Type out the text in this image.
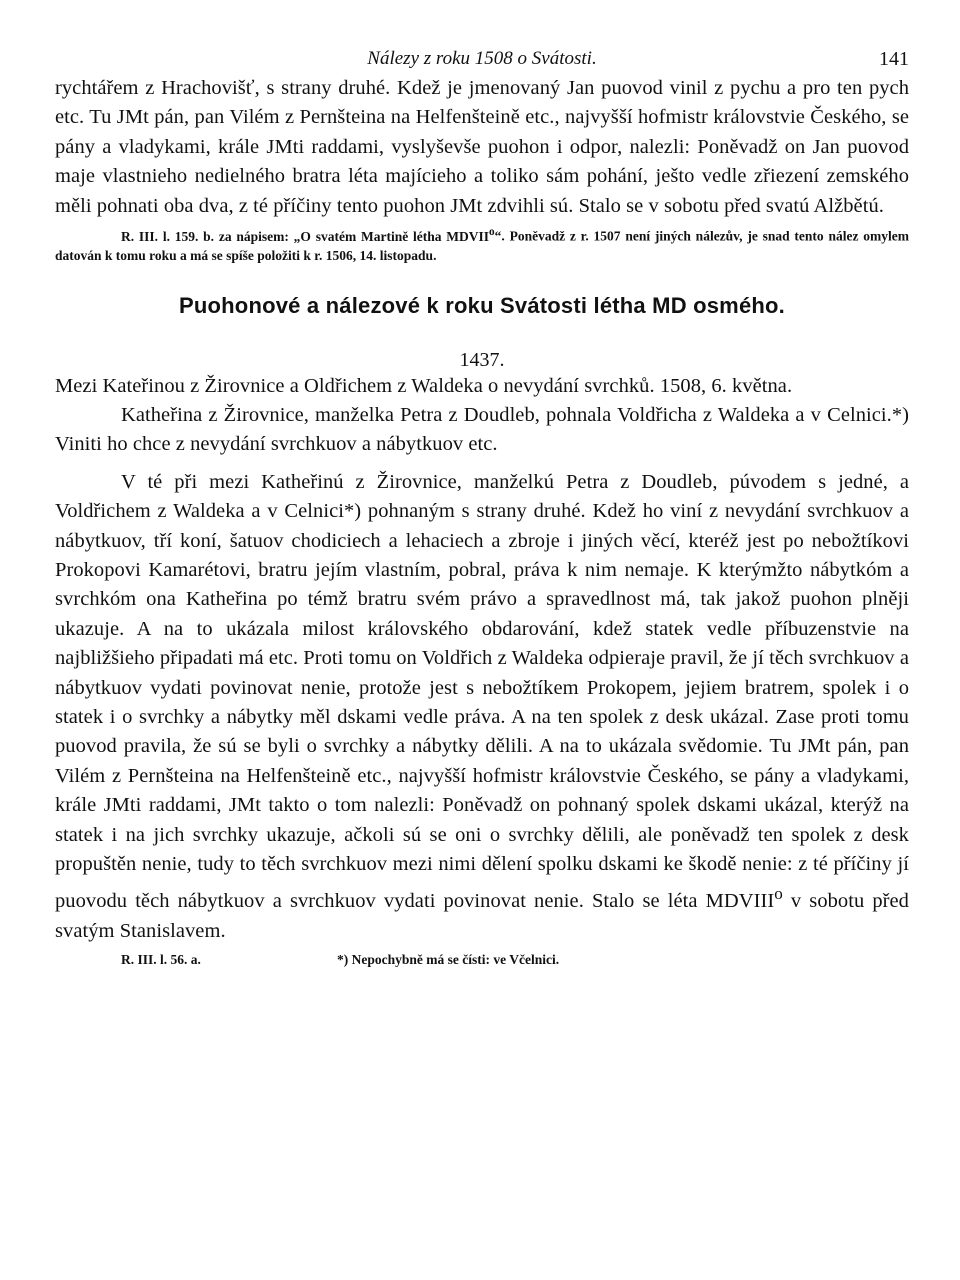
Nálezy z roku 1508 o Svátosti.	141

rychtářem z Hrachovišť, s strany druhé. Kdež je jmenovaný Jan puovod vinil z pychu a pro ten pych etc. Tu JMt pán, pan Vilém z Pernšteina na Helfenšteině etc., najvyšší hofmistr královstvie Českého, se pány a vladykami, krále JMti raddami, vyslyševše puohon i odpor, nalezli: Poněvadž on Jan puovod maje vlastnieho nedielného bratra léta majícieho a toliko sám pohání, ješto vedle zřiezení zemského měli pohnati oba dva, z té příčiny tento puohon JMt zdvihli sú. Stalo se v sobotu před svatú Alžbětú.

R. III. l. 159. b. za nápisem: „O svatém Martině létha MDVII$^o$“. Poněvadž z r. 1507 není jiných nálezův, je snad tento nález omylem datován k tomu roku a má se spíše položiti k r. 1506, 14. listopadu.

Puohonové a nálezové k roku Svátosti létha MD osmého.
1437.

Mezi Kateřinou z Žirovnice a Oldřichem z Waldeka o nevydání svrchků. 1508, 6. května.

Katheřina z Žirovnice, manželka Petra z Doudleb, pohnala Voldřicha z Waldeka a v Celnici.*) Viniti ho chce z nevydání svrchkuov a nábytkuov etc.

V té při mezi Katheřinú z Žirovnice, manželkú Petra z Doudleb, púvodem s jedné, a Voldřichem z Waldeka a v Celnici*) pohnaným s strany druhé. Kdež ho viní z nevydání svrchkuov a nábytkuov, tří koní, šatuov chodiciech a lehaciech a zbroje i jiných věcí, kteréž jest po nebožtíkovi Prokopovi Kamarétovi, bratru jejím vlastním, pobral, práva k nim nemaje. K kterýmžto nábytkóm a svrchkóm ona Katheřina po témž bratru svém právo a spravedlnost má, tak jakož puohon plněji ukazuje. A na to ukázala milost královského obdarování, kdež statek vedle příbuzenstvie na najbližšieho připadati má etc. Proti tomu on Voldřich z Waldeka odpieraje pravil, že jí těch svrchkuov a nábytkuov vydati povinovat nenie, protože jest s nebožtíkem Prokopem, jejiem bratrem, spolek i o statek i o svrchky a nábytky měl dskami vedle práva. A na ten spolek z desk ukázal. Zase proti tomu puovod pravila, že sú se byli o svrchky a nábytky dělili. A na to ukázala svědomie. Tu JMt pán, pan Vilém z Pernšteina na Helfenšteině etc., najvyšší hofmistr královstvie Českého, se pány a vladykami, krále JMti raddami, JMt takto o tom nalezli: Poněvadž on pohnaný spolek dskami ukázal, kterýž na statek i na jich svrchky ukazuje, ačkoli sú se oni o svrchky dělili, ale poněvadž ten spolek z desk propuštěn nenie, tudy to těch svrchkuov mezi nimi dělení spolku dskami ke škodě nenie: z té příčiny jí puovodu těch nábytkuov a svrchkuov vydati povinovat nenie. Stalo se léta MDVIII$^o$ v sobotu před svatým Stanislavem.

R. III. l. 56. a.	*) Nepochybně má se čísti: ve Včelnici.
